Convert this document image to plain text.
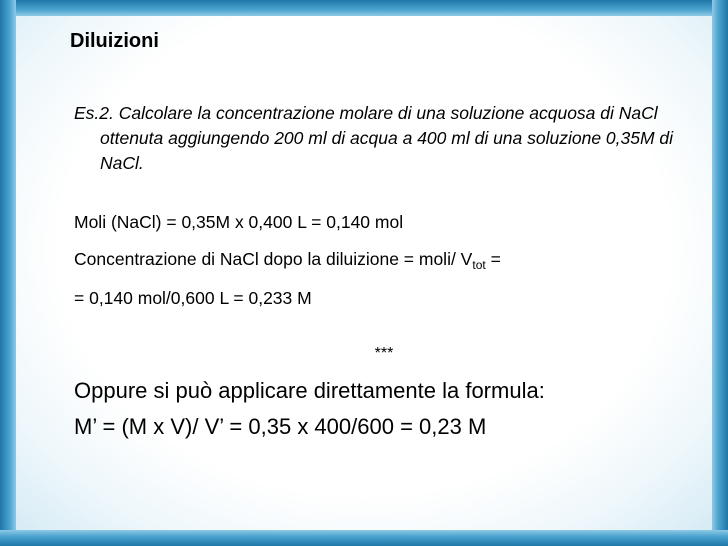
Diluizioni

Es.2. Calcolare la concentrazione molare di una soluzione acquosa di NaCl ottenuta aggiungendo 200 ml di acqua a 400 ml di una soluzione 0,35M di NaCl.

Moli (NaCl) = 0,35M x 0,400 L = 0,140 mol

Concentrazione di NaCl dopo la diluizione = moli/ $V_{tot}$ =

= 0,140 mol/0,600 L = 0,233 M

***

Oppure si può applicare direttamente la formula:

M’ = (M x V)/ V’ = 0,35 x 400/600 = 0,23 M
